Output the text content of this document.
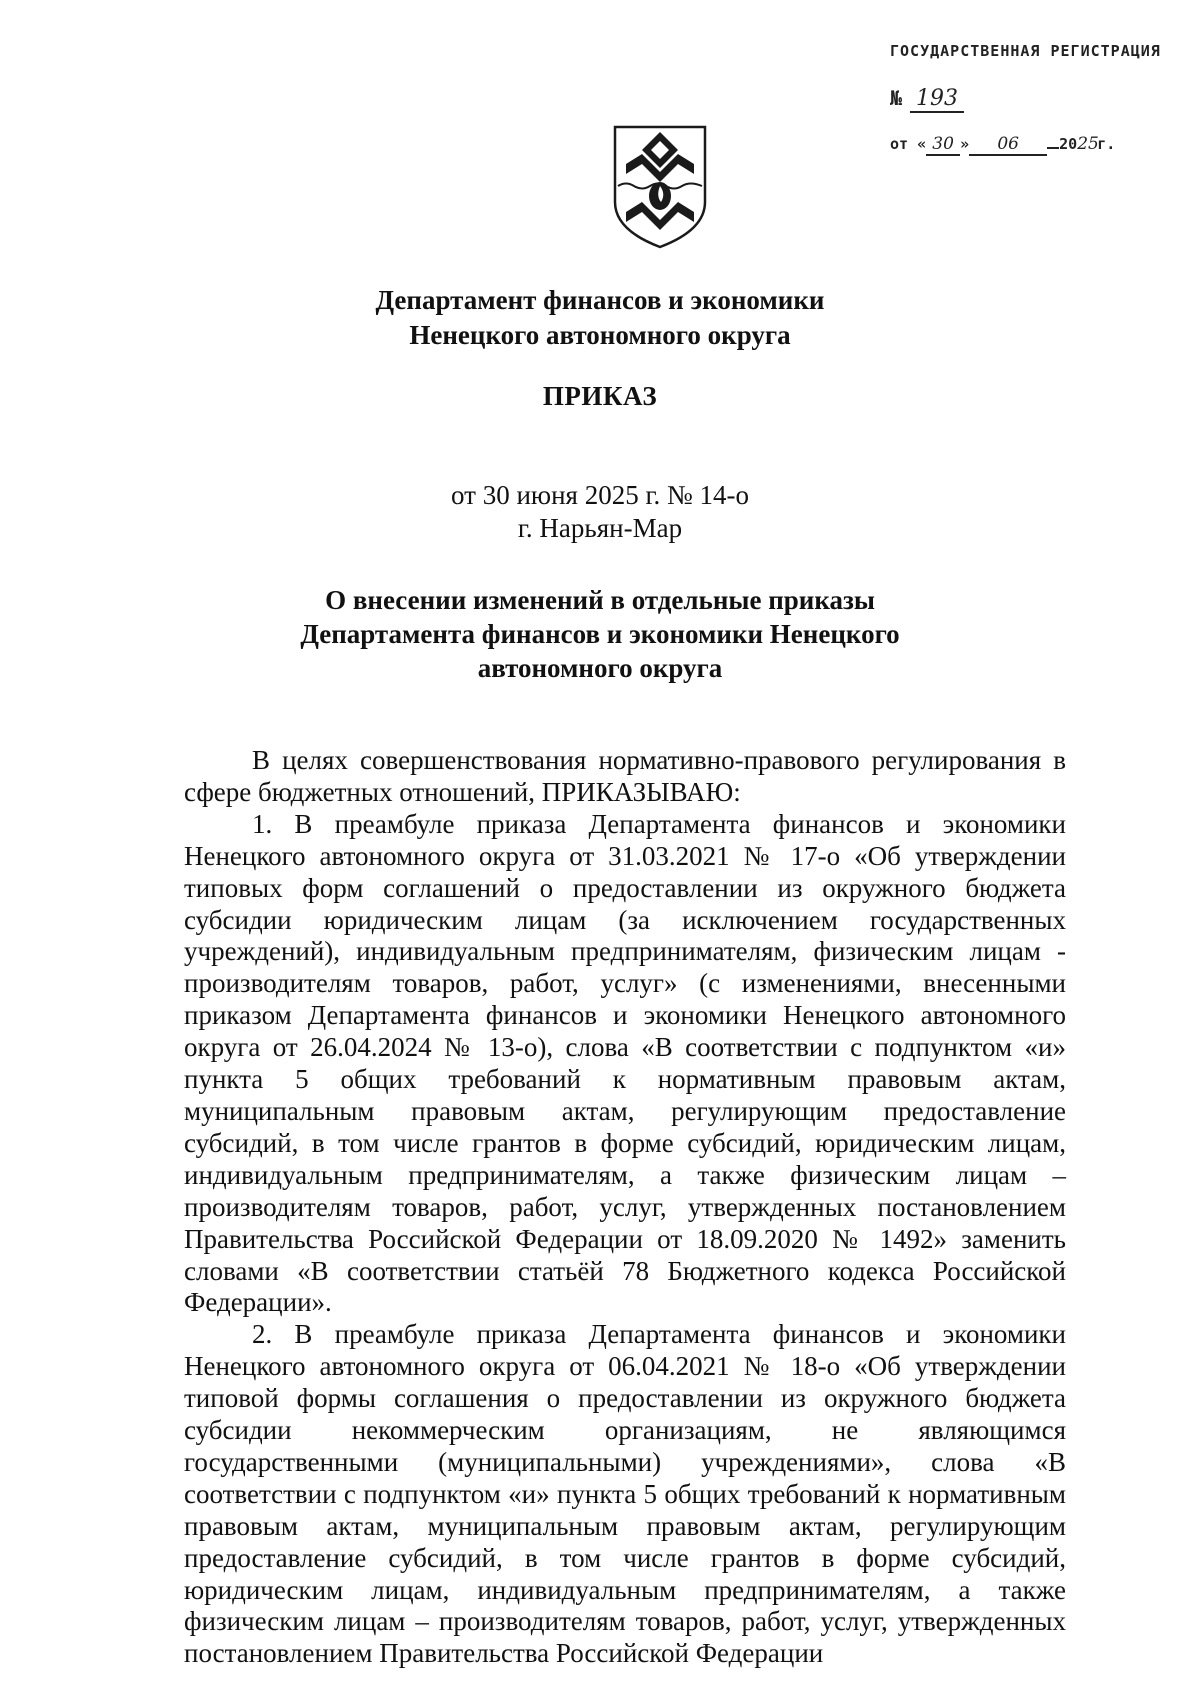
ГОСУДАРСТВЕННАЯ РЕГИСТРАЦИЯ
№ 193
от « 30 » 06	2025г.
Департамент финансов и экономики
Ненецкого автономного округа
ПРИКАЗ
от 30 июня 2025 г. № 14-о
г. Нарьян-Мар
О внесении изменений в отдельные приказы
Департамента финансов и экономики Ненецкого
автономного округа

В целях совершенствования нормативно-правового регулирования в сфере бюджетных отношений, ПРИКАЗЫВАЮ:

1. В преамбуле приказа Департамента финансов и экономики Ненецкого автономного округа от 31.03.2021 № 17-о «Об утверждении типовых форм соглашений о предоставлении из окружного бюджета субсидии юридическим лицам (за исключением государственных учреждений), индивидуальным предпринимателям, физическим лицам - производителям товаров, работ, услуг» (с изменениями, внесенными приказом Департамента финансов и экономики Ненецкого автономного округа от 26.04.2024 № 13-о), слова «В соответствии с подпунктом «и» пункта 5 общих требований к нормативным правовым актам, муниципальным правовым актам, регулирующим предоставление субсидий, в том числе грантов в форме субсидий, юридическим лицам, индивидуальным предпринимателям, а также физическим лицам – производителям товаров, работ, услуг, утвержденных постановлением Правительства Российской Федерации от 18.09.2020 № 1492» заменить словами «В соответствии статьёй 78 Бюджетного кодекса Российской Федерации».

2. В преамбуле приказа Департамента финансов и экономики Ненецкого автономного округа от 06.04.2021 № 18-о «Об утверждении типовой формы соглашения о предоставлении из окружного бюджета субсидии некоммерческим организациям, не являющимся государственными (муниципальными) учреждениями», слова «В соответствии с подпунктом «и» пункта 5 общих требований к нормативным правовым актам, муниципальным правовым актам, регулирующим предоставление субсидий, в том числе грантов в форме субсидий, юридическим лицам, индивидуальным предпринимателям, а также физическим лицам – производителям товаров, работ, услуг, утвержденных постановлением Правительства Российской Федерации
